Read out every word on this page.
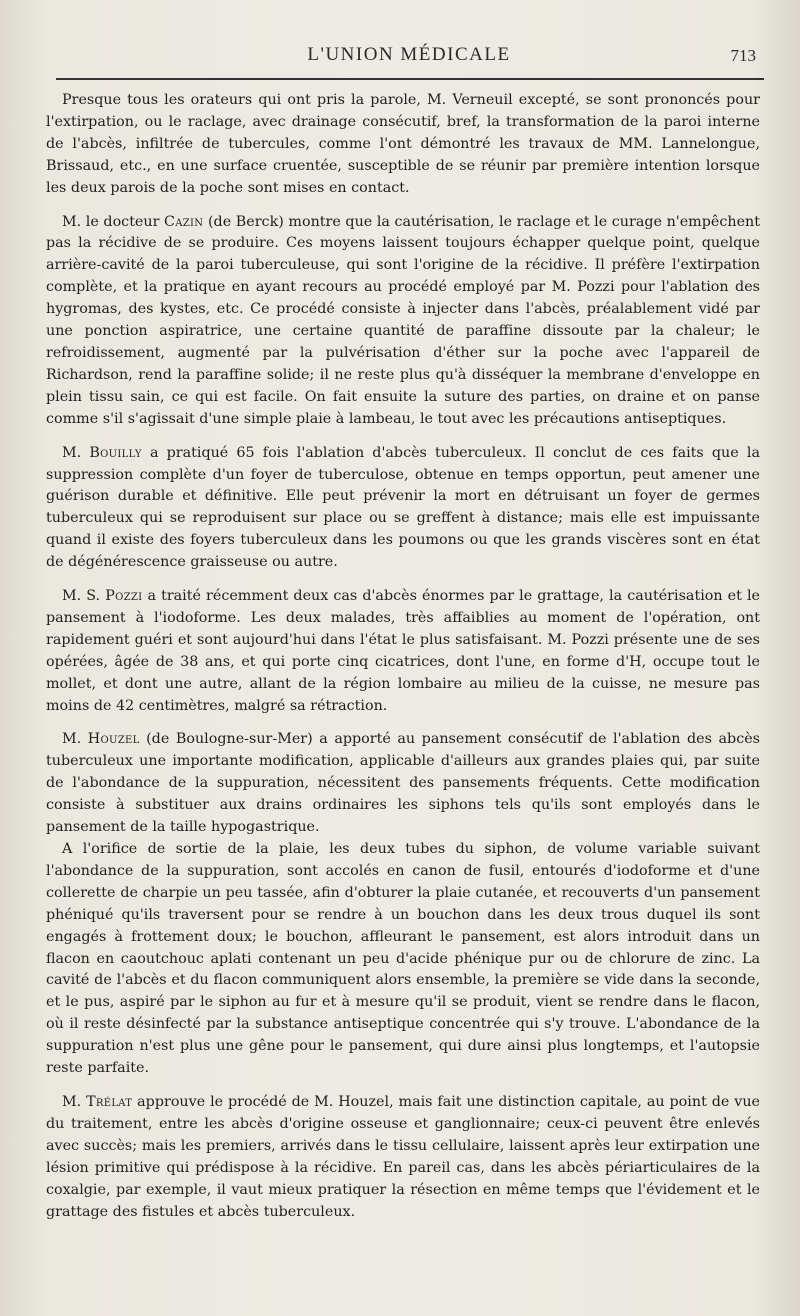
L'UNION MÉDICALE	713

Presque tous les orateurs qui ont pris la parole, M. Verneuil excepté, se sont prononcés pour l'extirpation, ou le raclage, avec drainage consécutif, bref, la transformation de la paroi interne de l'abcès, infiltrée de tubercules, comme l'ont démontré les travaux de MM. Lannelongue, Brissaud, etc., en une surface cruentée, susceptible de se réunir par première intention lorsque les deux parois de la poche sont mises en contact.

M. le docteur Cazin (de Berck) montre que la cautérisation, le raclage et le curage n'empêchent pas la récidive de se produire. Ces moyens laissent toujours échapper quelque point, quelque arrière-cavité de la paroi tuberculeuse, qui sont l'origine de la récidive. Il préfère l'extirpation complète, et la pratique en ayant recours au procédé employé par M. Pozzi pour l'ablation des hygromas, des kystes, etc. Ce procédé consiste à injecter dans l'abcès, préalablement vidé par une ponction aspiratrice, une certaine quantité de paraffine dissoute par la chaleur; le refroidissement, augmenté par la pulvérisation d'éther sur la poche avec l'appareil de Richardson, rend la paraffine solide; il ne reste plus qu'à disséquer la membrane d'enveloppe en plein tissu sain, ce qui est facile. On fait ensuite la suture des parties, on draine et on panse comme s'il s'agissait d'une simple plaie à lambeau, le tout avec les précautions antiseptiques.

M. Bouilly a pratiqué 65 fois l'ablation d'abcès tuberculeux. Il conclut de ces faits que la suppression complète d'un foyer de tuberculose, obtenue en temps opportun, peut amener une guérison durable et définitive. Elle peut prévenir la mort en détruisant un foyer de germes tuberculeux qui se reproduisent sur place ou se greffent à distance; mais elle est impuissante quand il existe des foyers tuberculeux dans les poumons ou que les grands viscères sont en état de dégénérescence graisseuse ou autre.

M. S. Pozzi a traité récemment deux cas d'abcès énormes par le grattage, la cautérisation et le pansement à l'iodoforme. Les deux malades, très affaiblies au moment de l'opération, ont rapidement guéri et sont aujourd'hui dans l'état le plus satisfaisant. M. Pozzi présente une de ses opérées, âgée de 38 ans, et qui porte cinq cicatrices, dont l'une, en forme d'H, occupe tout le mollet, et dont une autre, allant de la région lombaire au milieu de la cuisse, ne mesure pas moins de 42 centimètres, malgré sa rétraction.

M. Houzel (de Boulogne-sur-Mer) a apporté au pansement consécutif de l'ablation des abcès tuberculeux une importante modification, applicable d'ailleurs aux grandes plaies qui, par suite de l'abondance de la suppuration, nécessitent des pansements fréquents. Cette modification consiste à substituer aux drains ordinaires les siphons tels qu'ils sont employés dans le pansement de la taille hypogastrique.

A l'orifice de sortie de la plaie, les deux tubes du siphon, de volume variable suivant l'abondance de la suppuration, sont accolés en canon de fusil, entourés d'iodoforme et d'une collerette de charpie un peu tassée, afin d'obturer la plaie cutanée, et recouverts d'un pansement phéniqué qu'ils traversent pour se rendre à un bouchon dans les deux trous duquel ils sont engagés à frottement doux; le bouchon, affleurant le pansement, est alors introduit dans un flacon en caoutchouc aplati contenant un peu d'acide phénique pur ou de chlorure de zinc. La cavité de l'abcès et du flacon communiquent alors ensemble, la première se vide dans la seconde, et le pus, aspiré par le siphon au fur et à mesure qu'il se produit, vient se rendre dans le flacon, où il reste désinfecté par la substance antiseptique concentrée qui s'y trouve. L'abondance de la suppuration n'est plus une gêne pour le pansement, qui dure ainsi plus longtemps, et l'autopsie reste parfaite.

M. Trélat approuve le procédé de M. Houzel, mais fait une distinction capitale, au point de vue du traitement, entre les abcès d'origine osseuse et ganglionnaire; ceux-ci peuvent être enlevés avec succès; mais les premiers, arrivés dans le tissu cellulaire, laissent après leur extirpation une lésion primitive qui prédispose à la récidive. En pareil cas, dans les abcès périarticulaires de la coxalgie, par exemple, il vaut mieux pratiquer la résection en même temps que l'évidement et le grattage des fistules et abcès tuberculeux.
